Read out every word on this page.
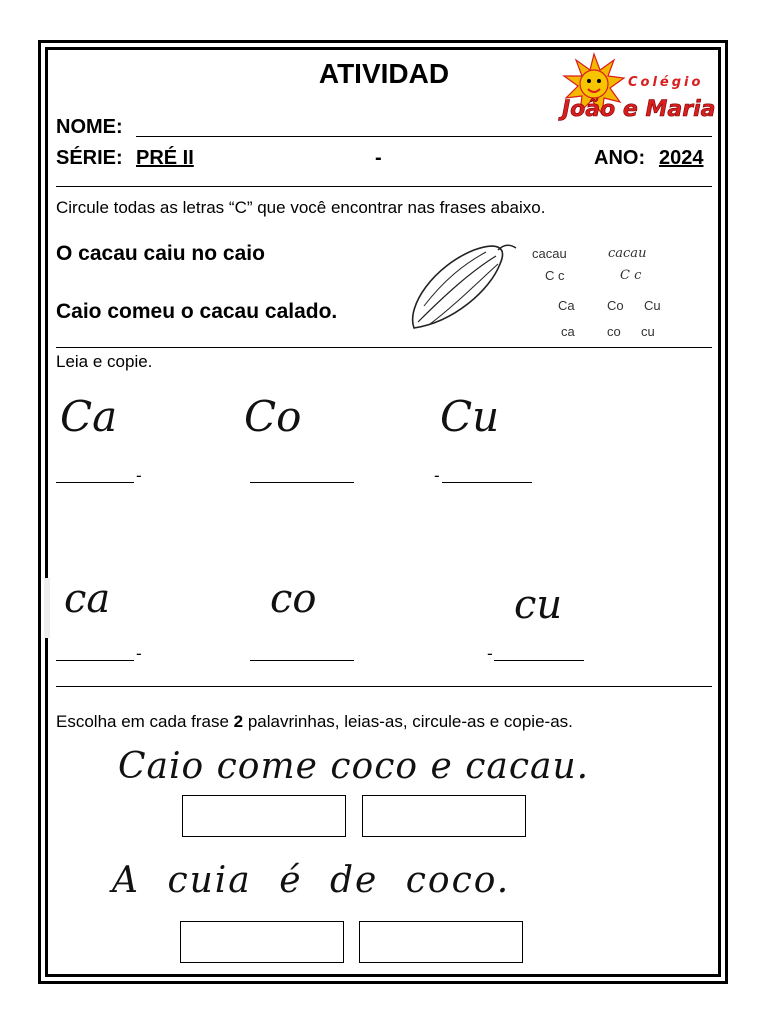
ATIVIDAD	Colégio
João e Maria
NOME:
SÉRIE: PRÉ II	-	ANO: 2024
Circule todas as letras “C” que você encontrar nas frases abaixo.
O cacau caiu no caio
Caio comeu o cacau calado.
cacau	cacau
C c	C c
Ca Co Cu
ca co cu
Leia e copie.
Ca	Co	Cu
-	-
ca	co	cu
-	-
Escolha em cada frase 2 palavrinhas, leias-as, circule-as e copie-as.
Caio come coco e cacau.
A cuia é de coco.
